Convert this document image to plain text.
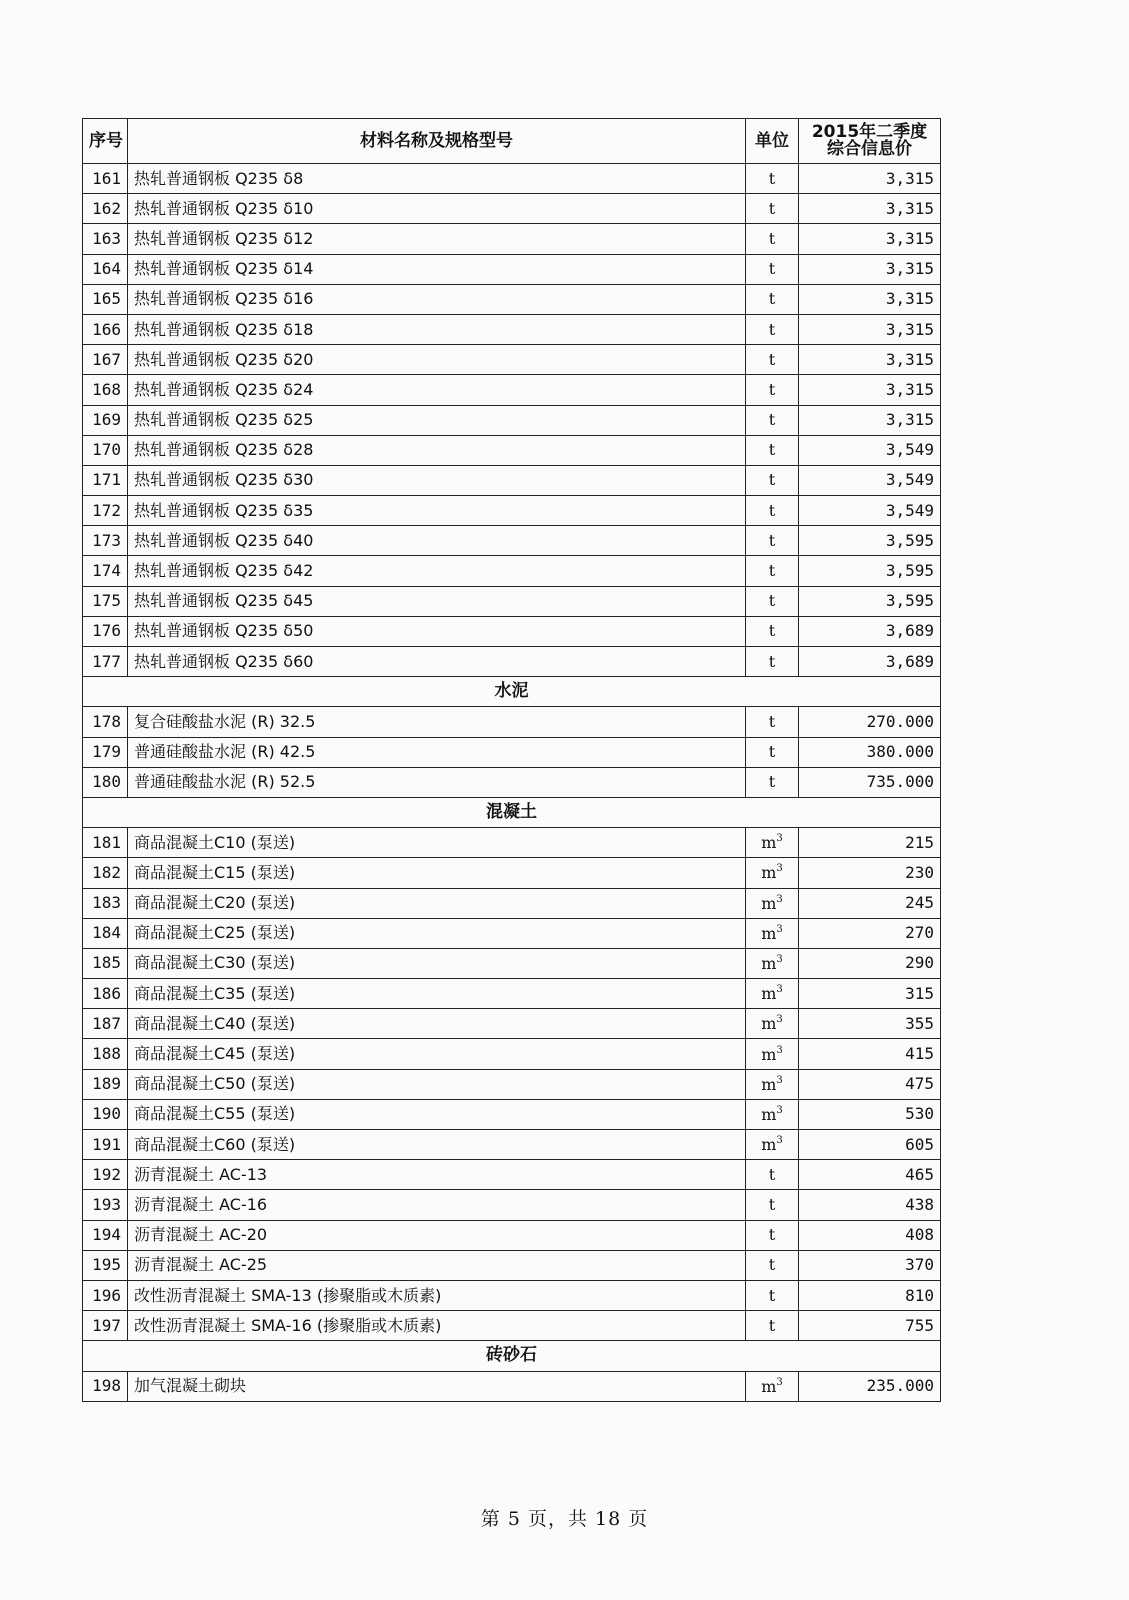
序号	材料名称及规格型号	单位	2015年二季度
综合信息价

161	热轧普通钢板 Q235 δ8	t	3,315
162	热轧普通钢板 Q235 δ10	t	3,315
163	热轧普通钢板 Q235 δ12	t	3,315
164	热轧普通钢板 Q235 δ14	t	3,315
165	热轧普通钢板 Q235 δ16	t	3,315
166	热轧普通钢板 Q235 δ18	t	3,315
167	热轧普通钢板 Q235 δ20	t	3,315
168	热轧普通钢板 Q235 δ24	t	3,315
169	热轧普通钢板 Q235 δ25	t	3,315
170	热轧普通钢板 Q235 δ28	t	3,549
171	热轧普通钢板 Q235 δ30	t	3,549
172	热轧普通钢板 Q235 δ35	t	3,549
173	热轧普通钢板 Q235 δ40	t	3,595
174	热轧普通钢板 Q235 δ42	t	3,595
175	热轧普通钢板 Q235 δ45	t	3,595
176	热轧普通钢板 Q235 δ50	t	3,689
177	热轧普通钢板 Q235 δ60	t	3,689
水泥			
178	复合硅酸盐水泥 (R) 32.5	t	270.000
179	普通硅酸盐水泥 (R) 42.5	t	380.000
180	普通硅酸盐水泥 (R) 52.5	t	735.000
混凝土			
181	商品混凝土C10 (泵送)	$m^3$	215
182	商品混凝土C15 (泵送)	$m^3$	230
183	商品混凝土C20 (泵送)	$m^3$	245
184	商品混凝土C25 (泵送)	$m^3$	270
185	商品混凝土C30 (泵送)	$m^3$	290
186	商品混凝土C35 (泵送)	$m^3$	315
187	商品混凝土C40 (泵送)	$m^3$	355
188	商品混凝土C45 (泵送)	$m^3$	415
189	商品混凝土C50 (泵送)	$m^3$	475
190	商品混凝土C55 (泵送)	$m^3$	530
191	商品混凝土C60 (泵送)	$m^3$	605
192	沥青混凝土 AC-13	t	465
193	沥青混凝土 AC-16	t	438
194	沥青混凝土 AC-20	t	408
195	沥青混凝土 AC-25	t	370
196	改性沥青混凝土 SMA-13 (掺聚脂或木质素)	t	810
197	改性沥青混凝土 SMA-16 (掺聚脂或木质素)	t	755
砖砂石			
198	加气混凝土砌块	$m^3$	235.000
第 5 页，共 18 页
